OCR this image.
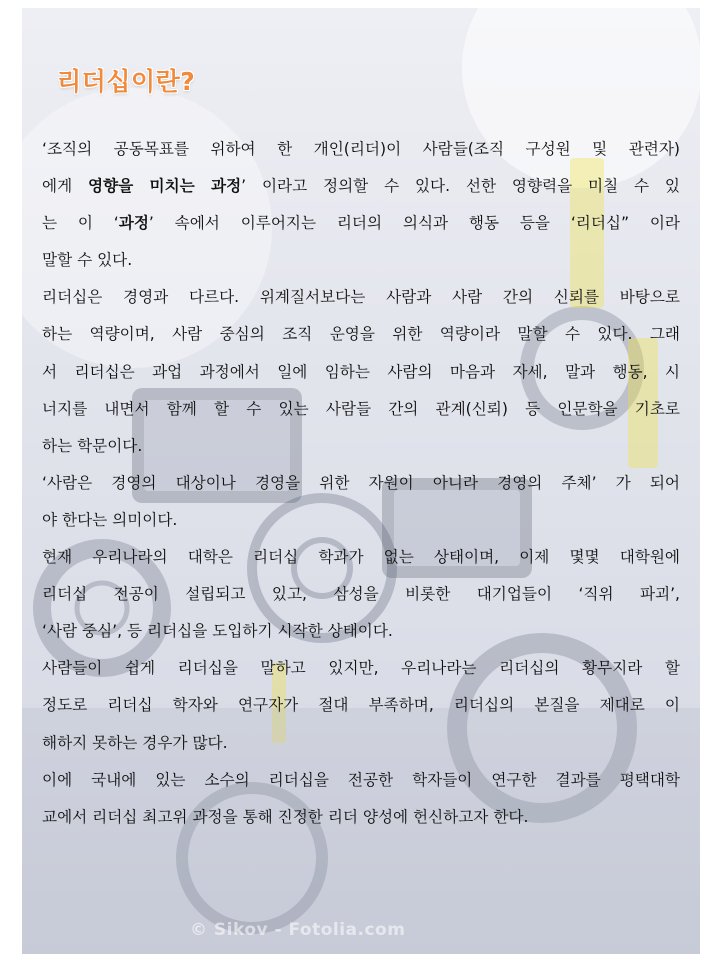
© Sikov - Fotolia.com
리더십이란?
‘조직의 공동목표를 위하여 한 개인(리더)이 사람들(조직 구성원 및 관련자)
에게 영향을 미치는 과정’ 이라고 정의할 수 있다. 선한 영향력을 미칠 수 있
는 이 ‘과정’ 속에서 이루어지는 리더의 의식과 행동 등을 ‘리더십” 이라
말할 수 있다.
리더십은 경영과 다르다. 위계질서보다는 사람과 사람 간의 신뢰를 바탕으로
하는 역량이며, 사람 중심의 조직 운영을 위한 역량이라 말할 수 있다. 그래
서 리더십은 과업 과정에서 일에 임하는 사람의 마음과 자세, 말과 행동, 시
너지를 내면서 함께 할 수 있는 사람들 간의 관계(신뢰) 등 인문학을 기초로
하는 학문이다.
‘사람은 경영의 대상이나 경영을 위한 자원이 아니라 경영의 주체’ 가 되어
야 한다는 의미이다.
현재 우리나라의 대학은 리더십 학과가 없는 상태이며, 이제 몇몇 대학원에
리더십 전공이 설립되고 있고, 삼성을 비롯한 대기업들이 ‘직위 파괴’,
‘사람 중심’, 등 리더십을 도입하기 시작한 상태이다.
사람들이 쉽게 리더십을 말하고 있지만, 우리나라는 리더십의 황무지라 할
정도로 리더십 학자와 연구자가 절대 부족하며, 리더십의 본질을 제대로 이
해하지 못하는 경우가 많다.
이에 국내에 있는 소수의 리더십을 전공한 학자들이 연구한 결과를 평택대학
교에서 리더십 최고위 과정을 통해 진정한 리더 양성에 헌신하고자 한다.
